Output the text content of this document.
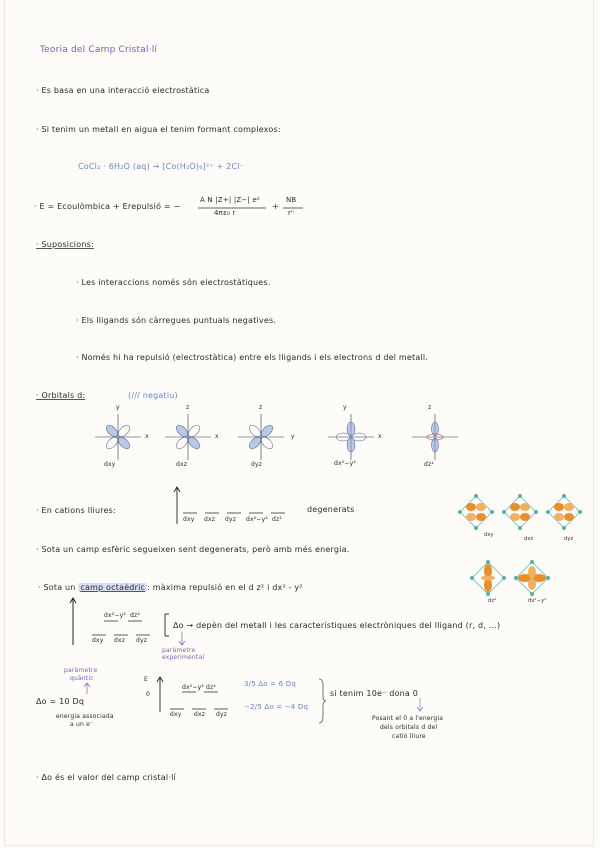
Teoria del Camp Cristal·lí
· Es basa en una interacció electrostàtica
· Si tenim un metall en aigua el tenim formant complexos:
CoCl₂ · 6H₂O (aq) → [Co(H₂O)₆]²⁺ + 2Cl⁻
· E = Ecoulòmbica + Erepulsió = −
A N |Z+| |Z−| e²
4πε₀ r
+
NB
rⁿ
· Suposicions:
· Les interaccions només són electrostàtiques.
· Els lligands són càrregues puntuals negatives.
· Només hi ha repulsió (electrostàtica) entre els lligands i els electrons d del metall.
· Orbitals d:	(/// negatiu)
y
x
z
x
z
y
y
x
z
dxy	dxz	dyz	dx²−y²	dz²
· En cations lliures:
dxy dxz dyz dx²−y² dz²
degenerats
dxy
dxz	dyz
· Sota un camp esfèric segueixen sent degenerats, però amb més energia.
dz²	dx²−y²
· Sota un camp octaèdric : màxima repulsió en el d z² i dx² - y²
dx²−y² dz²
dxy dxz dyz
Δo → depèn del metall i les característiques electròniques del lligand (r, d, ...)
paràmetre experimental
paràmetre
quàntic
Δo = 10 Dq
energia associada
a un e⁻
E
0
dx²−y² dz²
dxy dxz dyz
3/5 Δo = 6 Dq
−2/5 Δo = −4 Dq
si tenim 10e⁻ dona 0
Posant el 0 a l'energia
dels orbitals d del
catió lliure
· Δo és el valor del camp cristal·lí
